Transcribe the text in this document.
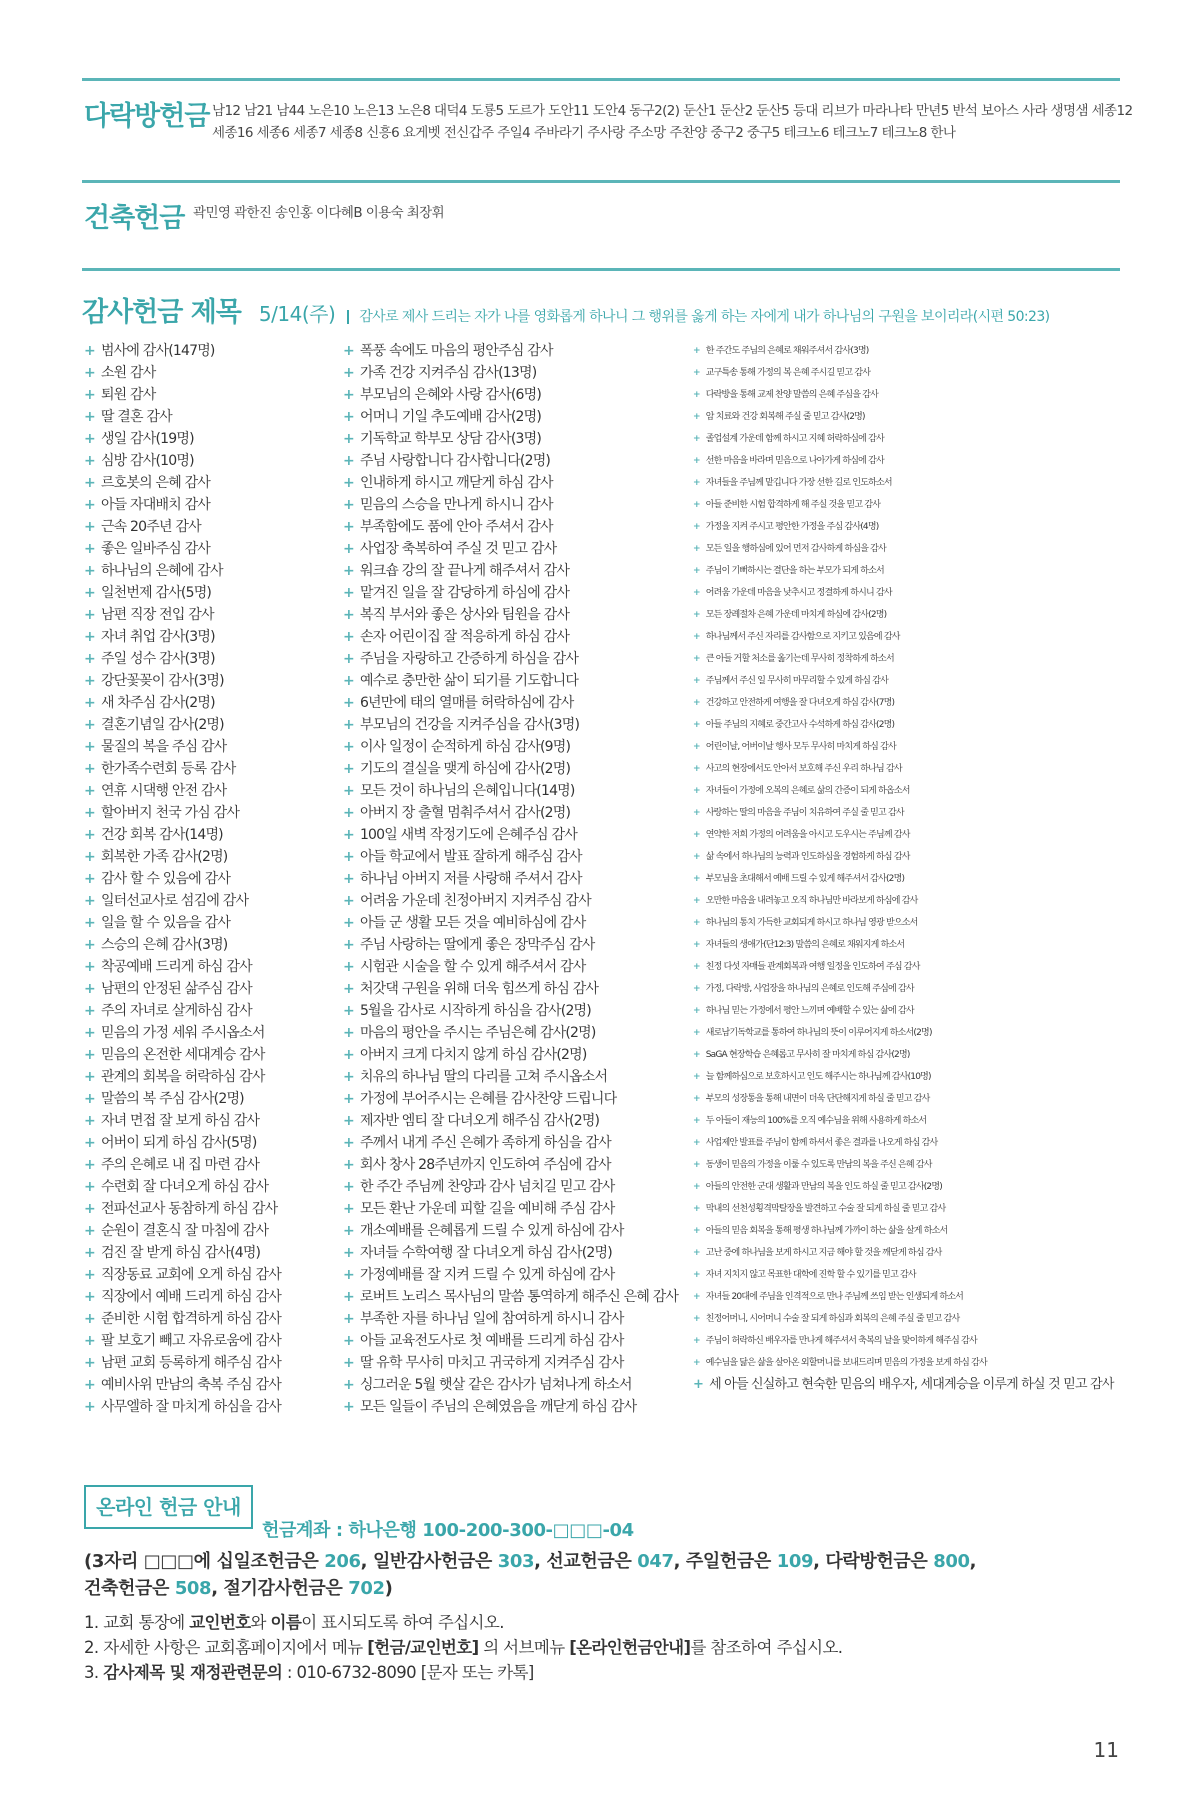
다락방헌금 남12 남21 남44 노은10 노은13 노은8 대덕4 도룡5 도르가 도안11 도안4 동구2(2) 둔산1 둔산2 둔산5 등대 리브가 마라나타 만년5 반석 보아스 사라 생명샘 세종12
세종16 세종6 세종7 세종8 신흥6 요게벳 전신갑주 주일4 주바라기 주사랑 주소망 주찬양 중구2 중구5 테크노6 테크노7 테크노8 한나
건축헌금 곽민영 곽한진 송인홍 이다혜B 이용숙 최장휘
감사헌금 제목 5/14(주) 감사로 제사 드리는 자가 나를 영화롭게 하나니 그 행위를 옳게 하는 자에게 내가 하나님의 구원을 보이리라(시편 50:23)
+ 범사에 감사(147명)
+ 소원 감사
+ 퇴원 감사
+ 딸 결혼 감사
+ 생일 감사(19명)
+ 심방 감사(10명)
+ 르호봇의 은혜 감사
+ 아들 자대배치 감사
+ 근속 20주년 감사
+ 좋은 일바주심 감사
+ 하나님의 은혜에 감사
+ 일천번제 감사(5명)
+ 남편 직장 전입 감사
+ 자녀 취업 감사(3명)
+ 주일 성수 감사(3명)
+ 강단꽃꽂이 감사(3명)
+ 새 차주심 감사(2명)
+ 결혼기념일 감사(2명)
+ 물질의 복을 주심 감사
+ 한가족수련회 등록 감사
+ 연휴 시댁행 안전 감사
+ 할아버지 천국 가심 감사
+ 건강 회복 감사(14명)
+ 회복한 가족 감사(2명)
+ 감사 할 수 있음에 감사
+ 일터선교사로 섬김에 감사
+ 일을 할 수 있음을 감사
+ 스승의 은혜 감사(3명)
+ 착공예배 드리게 하심 감사
+ 남편의 안정된 삶주심 감사
+ 주의 자녀로 살게하심 감사
+ 믿음의 가정 세워 주시옵소서
+ 믿음의 온전한 세대계승 감사
+ 관계의 회복을 허락하심 감사
+ 말씀의 복 주심 감사(2명)
+ 자녀 면접 잘 보게 하심 감사
+ 어버이 되게 하심 감사(5명)
+ 주의 은혜로 내 집 마련 감사
+ 수련회 잘 다녀오게 하심 감사
+ 전파선교사 동참하게 하심 감사
+ 순원이 결혼식 잘 마침에 감사
+ 검진 잘 받게 하심 감사(4명)
+ 직장동료 교회에 오게 하심 감사
+ 직장에서 예배 드리게 하심 감사
+ 준비한 시험 합격하게 하심 감사
+ 팔 보호기 빼고 자유로움에 감사
+ 남편 교회 등록하게 해주심 감사
+ 예비사위 만남의 축복 주심 감사
+ 사무엘하 잘 마치게 하심을 감사
+ 폭풍 속에도 마음의 평안주심 감사
+ 가족 건강 지켜주심 감사(13명)
+ 부모님의 은혜와 사랑 감사(6명)
+ 어머니 기일 추도예배 감사(2명)
+ 기독학교 학부모 상담 감사(3명)
+ 주님 사랑합니다 감사합니다(2명)
+ 인내하게 하시고 깨닫게 하심 감사
+ 믿음의 스승을 만나게 하시니 감사
+ 부족함에도 품에 안아 주셔서 감사
+ 사업장 축복하여 주실 것 믿고 감사
+ 워크숍 강의 잘 끝나게 해주셔서 감사
+ 맡겨진 일을 잘 감당하게 하심에 감사
+ 복직 부서와 좋은 상사와 팀원을 감사
+ 손자 어린이집 잘 적응하게 하심 감사
+ 주님을 자랑하고 간증하게 하심을 감사
+ 예수로 충만한 삶이 되기를 기도합니다
+ 6년만에 태의 열매를 허락하심에 감사
+ 부모님의 건강을 지켜주심을 감사(3명)
+ 이사 일정이 순적하게 하심 감사(9명)
+ 기도의 결실을 맺게 하심에 감사(2명)
+ 모든 것이 하나님의 은혜입니다(14명)
+ 아버지 장 출혈 멈춰주셔서 감사(2명)
+ 100일 새벽 작정기도에 은혜주심 감사
+ 아들 학교에서 발표 잘하게 해주심 감사
+ 하나님 아버지 저를 사랑해 주셔서 감사
+ 어려움 가운데 친정아버지 지켜주심 감사
+ 아들 군 생활 모든 것을 예비하심에 감사
+ 주님 사랑하는 딸에게 좋은 장막주심 감사
+ 시험관 시술을 할 수 있게 해주셔서 감사
+ 처갓댁 구원을 위해 더욱 힘쓰게 하심 감사
+ 5월을 감사로 시작하게 하심을 감사(2명)
+ 마음의 평안을 주시는 주님은혜 감사(2명)
+ 아버지 크게 다치지 않게 하심 감사(2명)
+ 치유의 하나님 딸의 다리를 고쳐 주시옵소서
+ 가정에 부어주시는 은혜를 감사찬양 드립니다
+ 제자반 엠티 잘 다녀오게 해주심 감사(2명)
+ 주께서 내게 주신 은혜가 족하게 하심을 감사
+ 회사 창사 28주년까지 인도하여 주심에 감사
+ 한 주간 주님께 찬양과 감사 넘치길 믿고 감사
+ 모든 환난 가운데 피할 길을 예비해 주심 감사
+ 개소예배를 은혜롭게 드릴 수 있게 하심에 감사
+ 자녀들 수학여행 잘 다녀오게 하심 감사(2명)
+ 가정예배를 잘 지켜 드릴 수 있게 하심에 감사
+ 로버트 노리스 목사님의 말씀 통역하게 해주신 은혜 감사
+ 부족한 자를 하나님 일에 참여하게 하시니 감사
+ 아들 교육전도사로 첫 예배를 드리게 하심 감사
+ 딸 유학 무사히 마치고 귀국하게 지켜주심 감사
+ 싱그러운 5월 햇살 같은 감사가 넘쳐나게 하소서
+ 모든 일들이 주님의 은혜였음을 깨닫게 하심 감사
+ 한 주간도 주님의 은혜로 채워주셔서 감사(3명)
+ 교구특송 통해 가정의 복 은혜 주시길 믿고 감사
+ 다락방을 통해 교제 찬양 말씀의 은혜 주심을 감사
+ 암 치료와 건강 회복해 주실 줄 믿고 감사(2명)
+ 졸업설계 가운데 함께 하시고 지혜 허락하심에 감사
+ 선한 마음을 바라며 믿음으로 나아가게 하심에 감사
+ 자녀들을 주님께 맡깁니다 가장 선한 길로 인도하소서
+ 아들 준비한 시험 합격하게 해 주실 것을 믿고 감사
+ 가정을 지켜 주시고 평안한 가정을 주심 감사(4명)
+ 모든 일을 행하심에 있어 먼저 감사하게 하심을 감사
+ 주님이 기뻐하시는 결단을 하는 부모가 되게 하소서
+ 어려움 가운데 마음을 낮추시고 정결하게 하시니 감사
+ 모든 장례절차 은혜 가운데 마치게 하심에 감사(2명)
+ 하나님께서 주신 자리를 감사함으로 지키고 있음에 감사
+ 큰 아들 거할 처소를 옮기는데 무사히 정착하게 하소서
+ 주님께서 주신 일 무사히 마무리할 수 있게 하심 감사
+ 건강하고 안전하게 여행을 잘 다녀오게 하심 감사(7명)
+ 아들 주님의 지혜로 중간고사 수석하게 하심 감사(2명)
+ 어린이날, 어버이날 행사 모두 무사히 마치게 하심 감사
+ 사고의 현장에서도 안아서 보호해 주신 우리 하나님 감사
+ 자녀들이 가정에 오복의 은혜로 삶의 간증이 되게 하옵소서
+ 사랑하는 딸의 마음을 주님이 치유하여 주실 줄 믿고 감사
+ 연약한 저희 가정의 어려움을 아시고 도우시는 주님께 감사
+ 삶 속에서 하나님의 능력과 인도하심을 경험하게 하심 감사
+ 부모님을 초대해서 예배 드릴 수 있게 해주셔서 감사(2명)
+ 오만한 마음을 내려놓고 오직 하나님만 바라보게 하심에 감사
+ 하나님의 통치 가득한 교회되게 하시고 하나님 영광 받으소서
+ 자녀들의 생애가(단12:3) 말씀의 은혜로 채워지게 하소서
+ 친정 다섯 자매들 관계회복과 여행 일정을 인도하여 주심 감사
+ 가정, 다락방, 사업장을 하나님의 은혜로 인도해 주심에 감사
+ 하나님 믿는 가정에서 평안 느끼며 예배할 수 있는 삶에 감사
+ 새로남기독학교를 통하여 하나님의 뜻이 이루어지게 하소서(2명)
+ SaGA 현장학습 은혜롭고 무사히 잘 마치게 하심 감사(2명)
+ 늘 함께하심으로 보호하시고 인도 해주시는 하나님께 감사(10명)
+ 부모의 성장통을 통해 내면이 더욱 단단해지게 하실 줄 믿고 감사
+ 두 아들이 재능의 100%를 오직 예수님을 위해 사용하게 하소서
+ 사업제안 발표를 주님이 함께 하셔서 좋은 결과를 나오게 하심 감사
+ 동생이 믿음의 가정을 이룰 수 있도록 만남의 복을 주신 은혜 감사
+ 아들의 안전한 군대 생활과 만남의 복을 인도 하실 줄 믿고 감사(2명)
+ 막내의 선천성횡격막탈장을 발견하고 수술 잘 되게 하실 줄 믿고 감사
+ 아들의 믿음 회복을 통해 평생 하나님께 가까이 하는 삶을 살게 하소서
+ 고난 중에 하나님을 보게 하시고 지금 해야 할 것을 깨닫게 하심 감사
+ 자녀 지치지 않고 목표한 대학에 진학 할 수 있기를 믿고 감사
+ 자녀들 20대에 주님을 인격적으로 만나 주님께 쓰임 받는 인생되게 하소서
+ 친정어머니, 시어머니 수술 잘 되게 하심과 회복의 은혜 주실 줄 믿고 감사
+ 주님이 허락하신 배우자를 만나게 해주셔서 축복의 날을 맞이하게 해주심 감사
+ 예수님을 닮은 삶을 살아온 외할머니를 보내드리며 믿음의 가정을 보게 하심 감사
+ 세 아들 신실하고 현숙한 믿음의 배우자, 세대계승을 이루게 하실 것 믿고 감사
온라인 헌금 안내
헌금계좌 : 하나은행 100-200-300-□□□-04
(3자리 □□□에 십일조헌금은 206, 일반감사헌금은 303, 선교헌금은 047, 주일헌금은 109, 다락방헌금은 800,
건축헌금은 508, 절기감사헌금은 702)
1. 교회 통장에 교인번호와 이름이 표시되도록 하여 주십시오.
2. 자세한 사항은 교회홈페이지에서 메뉴 [헌금/교인번호] 의 서브메뉴 [온라인헌금안내]를 참조하여 주십시오.
3. 감사제목 및 재정관련문의 : 010-6732-8090 [문자 또는 카톡]
11
